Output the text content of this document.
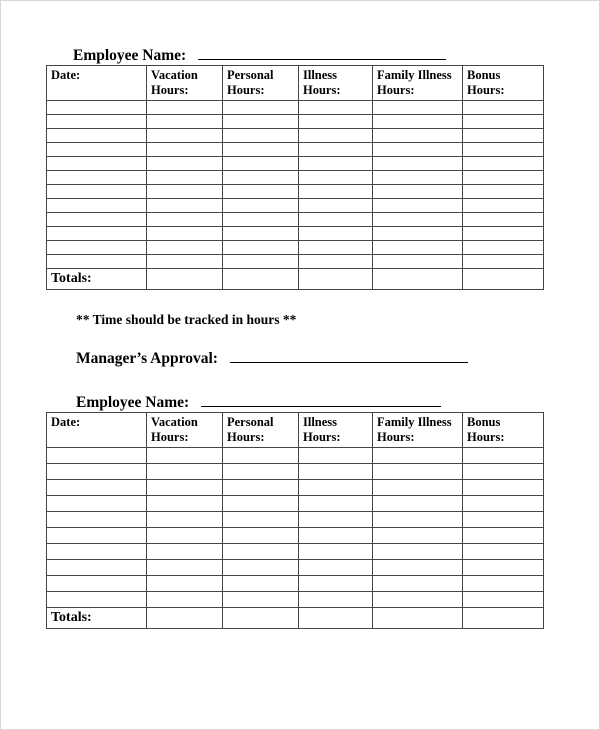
Employee Name:
Date:	Vacation Hours:	Personal Hours:	Illness Hours:	Family Illness Hours:	Bonus Hours:

Totals:					
** Time should be tracked in hours **
Manager’s Approval:
Employee Name:
Date:	Vacation Hours:	Personal Hours:	Illness Hours:	Family Illness Hours:	Bonus Hours:

Totals:					
